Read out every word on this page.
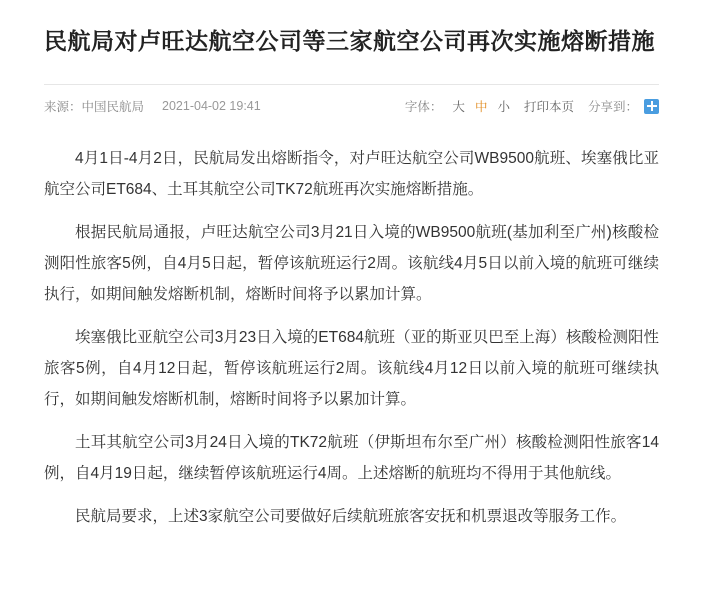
民航局对卢旺达航空公司等三家航空公司再次实施熔断措施
来源：中国民航局 2021-04-02 19:41	字体： 大 中 小 打印本页 分享到：

4月1日-4月2日，民航局发出熔断指令，对卢旺达航空公司WB9500航班、埃塞俄比亚航空公司ET684、土耳其航空公司TK72航班再次实施熔断措施。

根据民航局通报，卢旺达航空公司3月21日入境的WB9500航班(基加利至广州)核酸检测阳性旅客5例，自4月5日起，暂停该航班运行2周。该航线4月5日以前入境的航班可继续执行，如期间触发熔断机制，熔断时间将予以累加计算。

埃塞俄比亚航空公司3月23日入境的ET684航班（亚的斯亚贝巴至上海）核酸检测阳性旅客5例，自4月12日起，暂停该航班运行2周。该航线4月12日以前入境的航班可继续执行，如期间触发熔断机制，熔断时间将予以累加计算。

土耳其航空公司3月24日入境的TK72航班（伊斯坦布尔至广州）核酸检测阳性旅客14例，自4月19日起，继续暂停该航班运行4周。上述熔断的航班均不得用于其他航线。

民航局要求，上述3家航空公司要做好后续航班旅客安抚和机票退改等服务工作。
